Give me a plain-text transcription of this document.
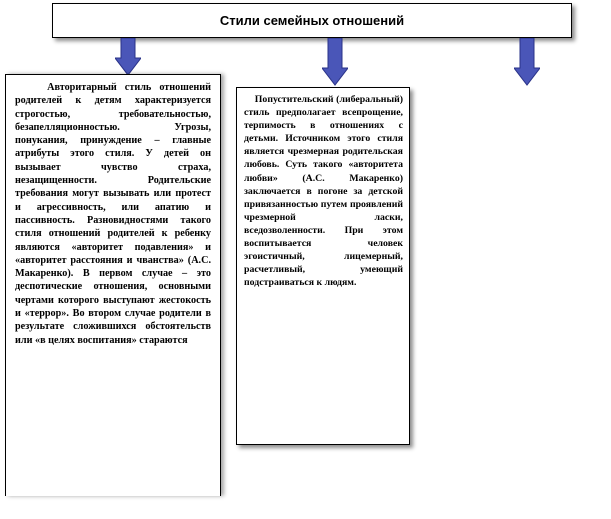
Стили семейных отношений

Авторитарный стиль отношений родителей к детям характеризуется строгостью, требовательностью, безапелляционностью. Угрозы, понукания, принуждение – главные атрибуты этого стиля. У детей он вызывает чувство страха, незащищенности. Родительские требования могут вызывать или протест и агрессивность, или апатию и пассивность. Разновидностями такого стиля отношений родителей к ребенку являются «авторитет подавления» и «авторитет расстояния и чванства» (А.С. Макаренко). В первом случае – это деспотические отношения, основными чертами которого выступают жестокость и «террор». Во втором случае родители в результате сложившихся обстоятельств или «в целях воспитания» стараются

Попустительский (либеральный) стиль предполагает всепрощение, терпимость в отношениях с детьми. Источником этого стиля является чрезмерная родительская любовь. Суть такого «авторитета любви» (А.С. Макаренко) заключается в погоне за детской привязанностью путем проявлений чрезмерной ласки, вседозволенности. При этом воспитывается человек эгоистичный, лицемерный, расчетливый, умеющий подстраиваться к людям.
